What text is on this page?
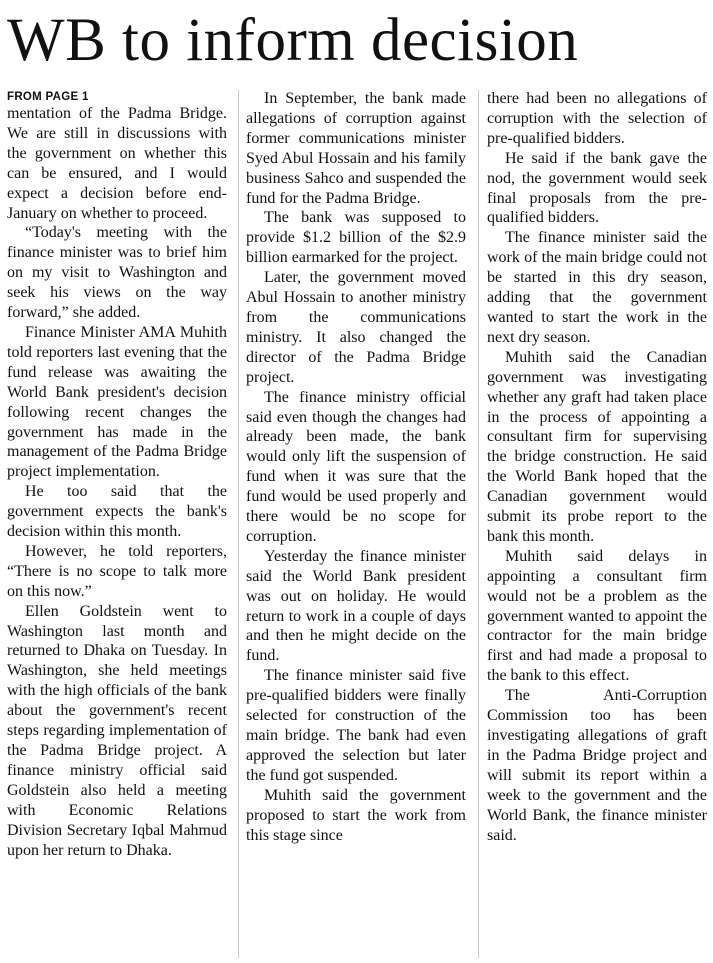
WB to inform decision
FROM PAGE 1

mentation of the Padma Bridge. We are still in discussions with the government on whether this can be ensured, and I would expect a decision before end-January on whether to proceed.

“Today's meeting with the finance minister was to brief him on my visit to Washington and seek his views on the way forward,” she added.

Finance Minister AMA Muhith told reporters last evening that the fund release was awaiting the World Bank president's decision following recent changes the government has made in the management of the Padma Bridge project implementation.

He too said that the government expects the bank's decision within this month.

However, he told reporters, “There is no scope to talk more on this now.”

Ellen Goldstein went to Washington last month and returned to Dhaka on Tuesday. In Washington, she held meetings with the high officials of the bank about the government's recent steps regarding implementation of the Padma Bridge project. A finance ministry official said Goldstein also held a meeting with Economic Relations Division Secretary Iqbal Mahmud upon her return to Dhaka.

In September, the bank made allegations of corruption against former communications minister Syed Abul Hossain and his family business Sahco and suspended the fund for the Padma Bridge.

The bank was supposed to provide $1.2 billion of the $2.9 billion earmarked for the project.

Later, the government moved Abul Hossain to another ministry from the communications ministry. It also changed the director of the Padma Bridge project.

The finance ministry official said even though the changes had already been made, the bank would only lift the suspension of fund when it was sure that the fund would be used properly and there would be no scope for corruption.

Yesterday the finance minister said the World Bank president was out on holiday. He would return to work in a couple of days and then he might decide on the fund.

The finance minister said five pre-qualified bidders were finally selected for construction of the main bridge. The bank had even approved the selection but later the fund got suspended.

Muhith said the government proposed to start the work from this stage since

there had been no allegations of corruption with the selection of pre-qualified bidders.

He said if the bank gave the nod, the government would seek final proposals from the pre-qualified bidders.

The finance minister said the work of the main bridge could not be started in this dry season, adding that the government wanted to start the work in the next dry season.

Muhith said the Canadian government was investigating whether any graft had taken place in the process of appointing a consultant firm for supervising the bridge construction. He said the World Bank hoped that the Canadian government would submit its probe report to the bank this month.

Muhith said delays in appointing a consultant firm would not be a problem as the government wanted to appoint the contractor for the main bridge first and had made a proposal to the bank to this effect.

The Anti-Corruption Commission too has been investigating allegations of graft in the Padma Bridge project and will submit its report within a week to the government and the World Bank, the finance minister said.
